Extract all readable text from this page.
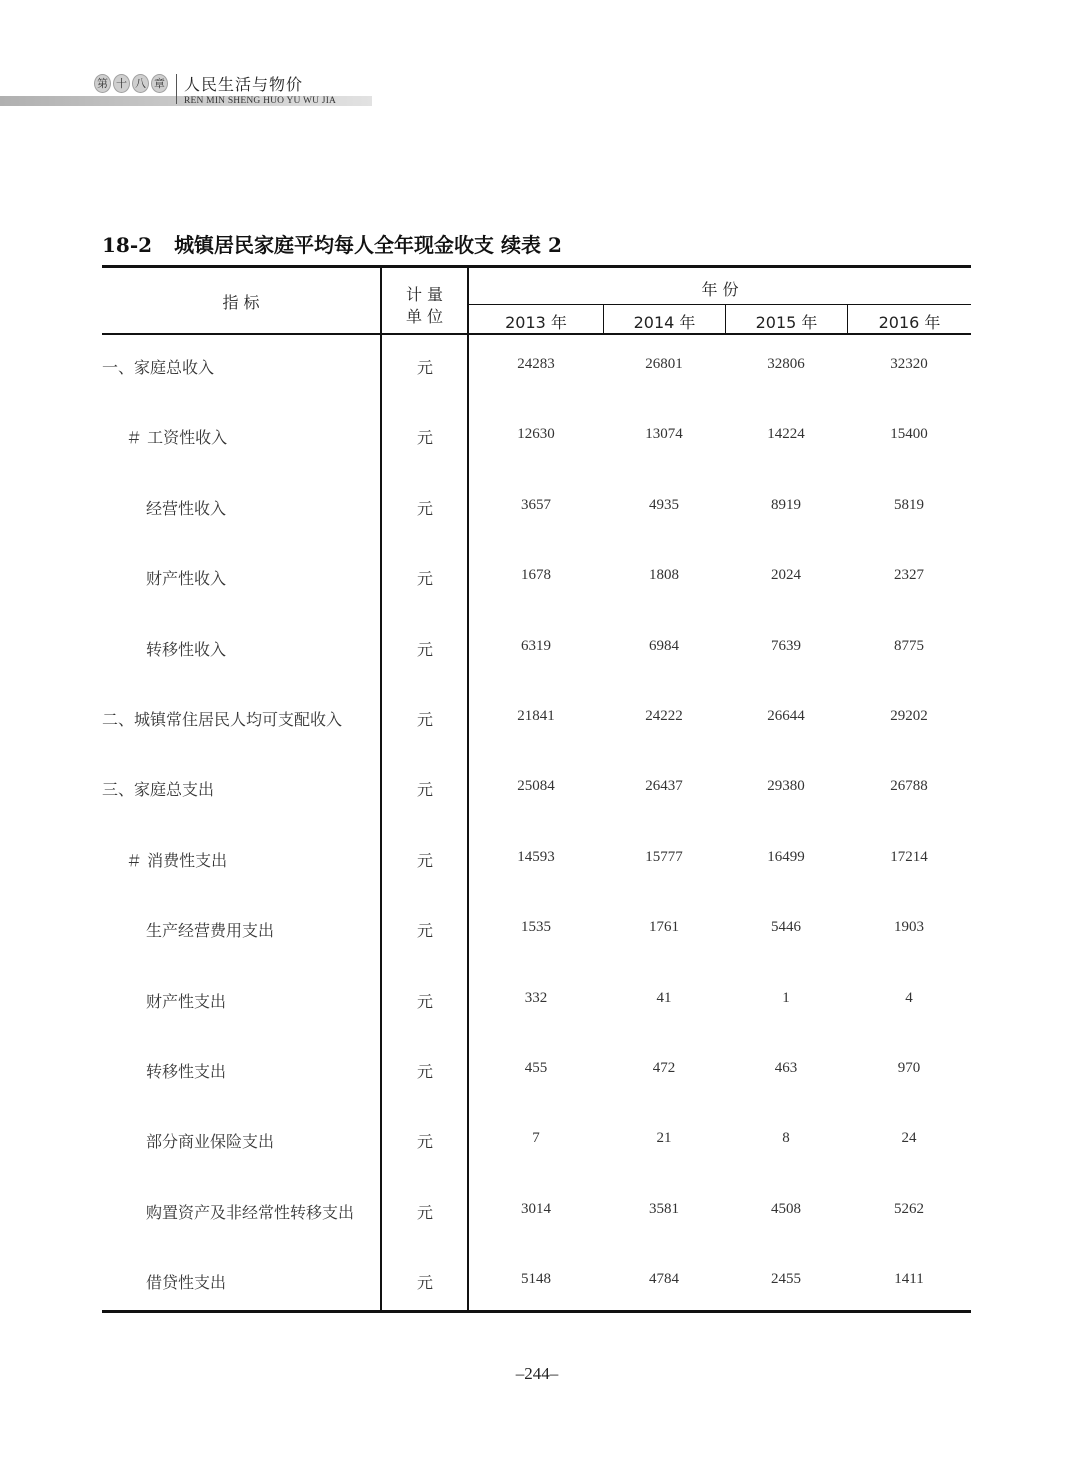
第 十 八 章 人民生活与物价
REN MIN SHENG HUO YU WU JIA
18-2 城镇居民家庭平均每人全年现金收支 续表 2
指 标	计 量
单 位
年 份
2013 年	2014 年	2015 年	2016 年
一、家庭总收入	元	24283	26801	32806	32320
＃ 工资性收入	元	12630	13074	14224	15400
经营性收入	元	3657	4935	8919	5819
财产性收入	元	1678	1808	2024	2327
转移性收入	元	6319	6984	7639	8775
二、城镇常住居民人均可支配收入	元	21841	24222	26644	29202
三、家庭总支出	元	25084	26437	29380	26788
＃ 消费性支出	元	14593	15777	16499	17214
生产经营费用支出	元	1535	1761	5446	1903
财产性支出	元	332	41	1	4
转移性支出	元	455	472	463	970
部分商业保险支出	元	7	21	8	24
购置资产及非经常性转移支出	元	3014	3581	4508	5262
借贷性支出	元	5148	4784	2455	1411
–244–
